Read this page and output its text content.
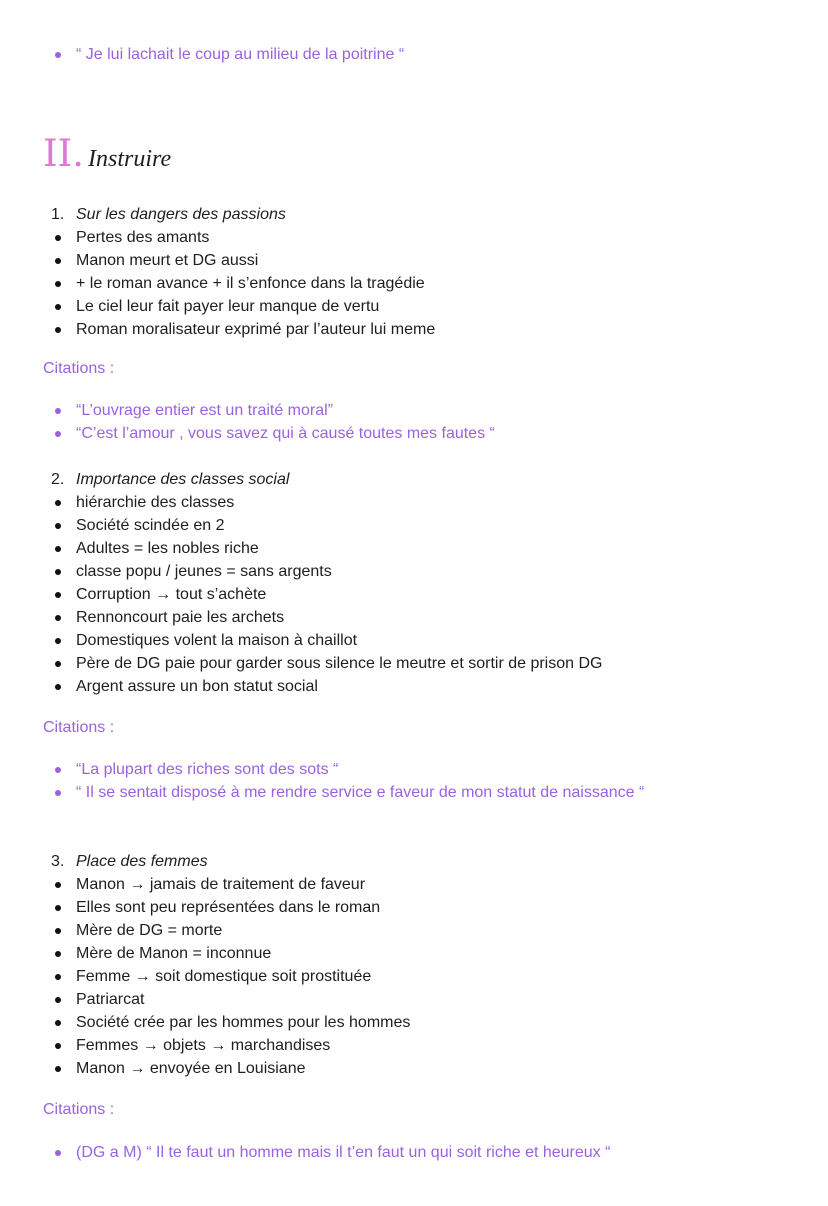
“ Je lui lachait le coup au milieu de la poitrine “
II. Instruire
1. Sur les dangers des passions
Pertes des amants
Manon meurt et DG aussi
+ le roman avance + il s’enfonce dans la tragédie
Le ciel leur fait payer leur manque de vertu
Roman moralisateur exprimé par l’auteur lui meme
Citations :
“L’ouvrage entier est un traité moral”
“C’est l’amour , vous savez qui à causé toutes mes fautes “
2. Importance des classes social
hiérarchie des classes
Société scindée en 2
Adultes = les nobles riche
classe popu / jeunes = sans argents
Corruption → tout s’achète
Rennoncourt paie les archets
Domestiques volent la maison à chaillot
Père de DG paie pour garder sous silence le meutre et sortir de prison DG
Argent assure un bon statut social
Citations :
“La plupart des riches sont des sots “
“ Il se sentait disposé à me rendre service e faveur de mon statut de naissance “
3. Place des femmes
Manon → jamais de traitement de faveur
Elles sont peu représentées dans le roman
Mère de DG = morte
Mère de Manon = inconnue
Femme → soit domestique soit prostituée
Patriarcat
Société crée par les hommes pour les hommes
Femmes → objets → marchandises
Manon → envoyée en Louisiane
Citations :
(DG a M) “ Il te faut un homme mais il t’en faut un qui soit riche et heureux “
